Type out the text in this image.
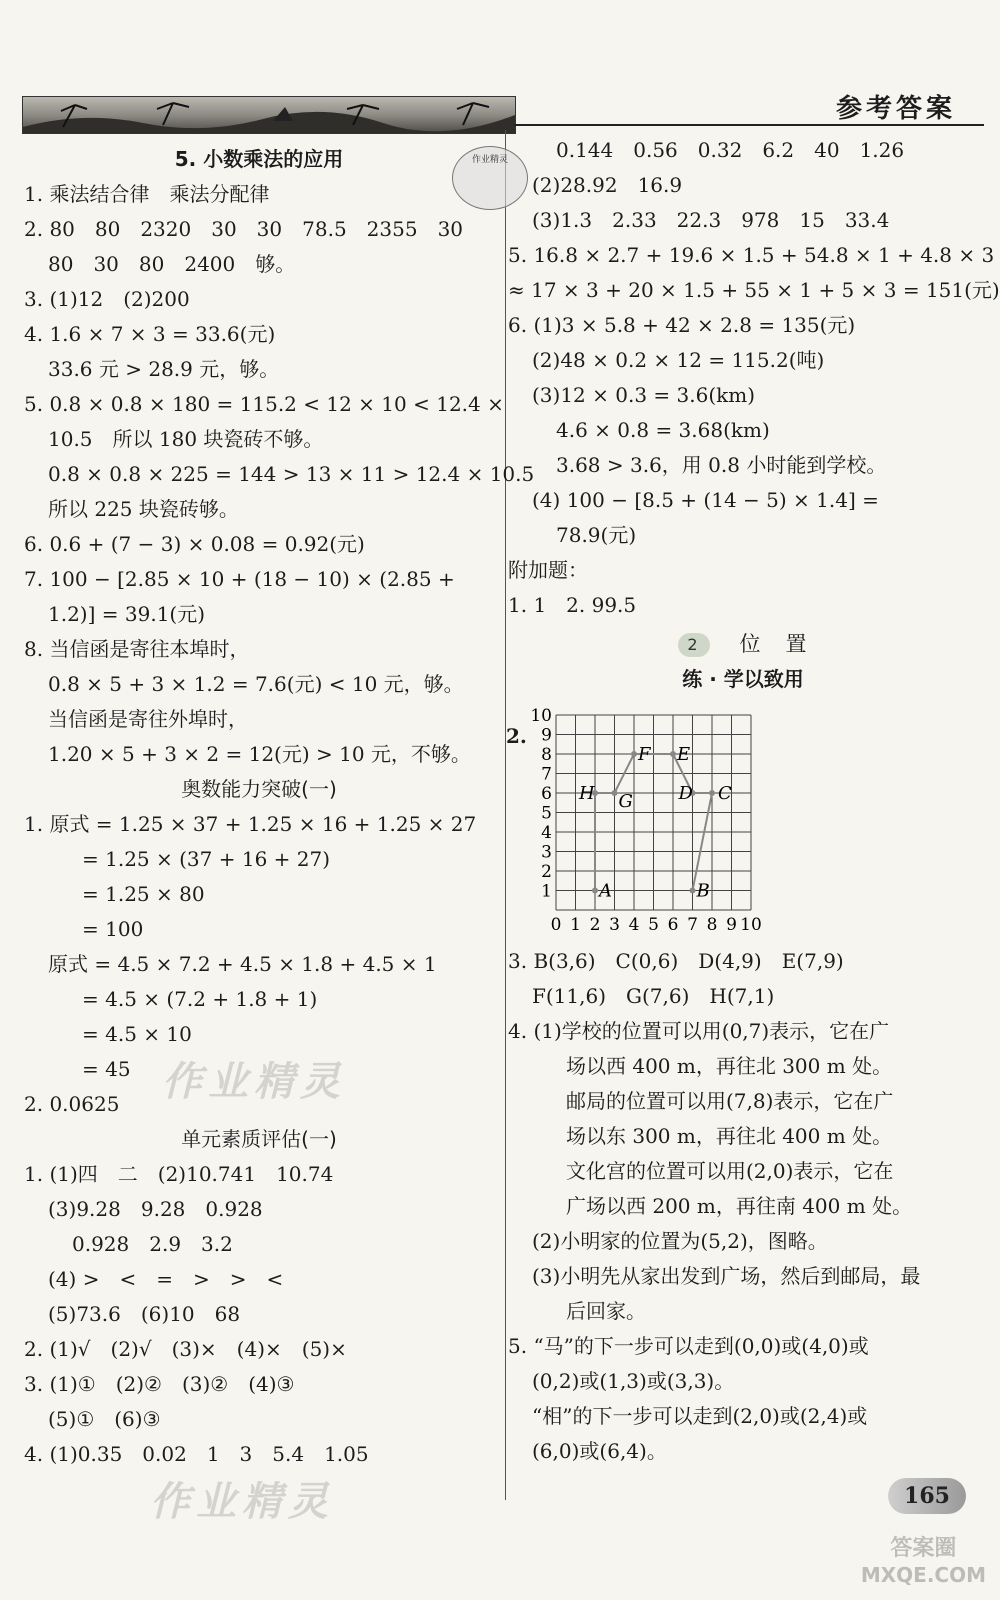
参考答案
作业精灵
5. 小数乘法的应用
1. 乘法结合律　乘法分配律
2. 80　80　2320　30　30　78.5　2355　30
80　30　80　2400　够。
3. (1)12　(2)200
4. 1.6 × 7 × 3 = 33.6(元)
33.6 元 > 28.9 元，够。
5. 0.8 × 0.8 × 180 = 115.2 < 12 × 10 < 12.4 ×
10.5　所以 180 块瓷砖不够。
0.8 × 0.8 × 225 = 144 > 13 × 11 > 12.4 × 10.5
所以 225 块瓷砖够。
6. 0.6 + (7 − 3) × 0.08 = 0.92(元)
7. 100 − [2.85 × 10 + (18 − 10) × (2.85 +
1.2)] = 39.1(元)
8. 当信函是寄往本埠时，
0.8 × 5 + 3 × 1.2 = 7.6(元) < 10 元，够。
当信函是寄往外埠时，
1.20 × 5 + 3 × 2 = 12(元) > 10 元，不够。
奥数能力突破(一)
1. 原式 = 1.25 × 37 + 1.25 × 16 + 1.25 × 27
= 1.25 × (37 + 16 + 27)
= 1.25 × 80
= 100
原式 = 4.5 × 7.2 + 4.5 × 1.8 + 4.5 × 1
= 4.5 × (7.2 + 1.8 + 1)
= 4.5 × 10
= 45
2. 0.0625
单元素质评估(一)
1. (1)四　二　(2)10.741　10.74
(3)9.28　9.28　0.928
0.928　2.9　3.2
(4) >　<　=　>　>　<
(5)73.6　(6)10　68
2. (1)√　(2)√　(3)×　(4)×　(5)×
3. (1)①　(2)②　(3)②　(4)③
(5)①　(6)③
4. (1)0.35　0.02　1　3　5.4　1.05
0.144　0.56　0.32　6.2　40　1.26
(2)28.92　16.9
(3)1.3　2.33　22.3　978　15　33.4
5. 16.8 × 2.7 + 19.6 × 1.5 + 54.8 × 1 + 4.8 × 3
≈ 17 × 3 + 20 × 1.5 + 55 × 1 + 5 × 3 = 151(元)
6. (1)3 × 5.8 + 42 × 2.8 = 135(元)
(2)48 × 0.2 × 12 = 115.2(吨)
(3)12 × 0.3 = 3.6(km)
4.6 × 0.8 = 3.68(km)
3.68 > 3.6，用 0.8 小时能到学校。
(4) 100 − [8.5 + (14 − 5) × 1.4] =
78.9(元)
附加题：
1. 1　2. 99.5
2 位　置
练 · 学以致用
2.
0 1 2 3 4 5 6 7 8 9 10
1
2
3
4
5
6
7
8
9
10
A	B
C
D
E
F
G
H
3. B(3,6)　C(0,6)　D(4,9)　E(7,9)
F(11,6)　G(7,6)　H(7,1)
4. (1)学校的位置可以用(0,7)表示，它在广
场以西 400 m，再往北 300 m 处。
邮局的位置可以用(7,8)表示，它在广
场以东 300 m，再往北 400 m 处。
文化宫的位置可以用(2,0)表示，它在
广场以西 200 m，再往南 400 m 处。
(2)小明家的位置为(5,2)，图略。
(3)小明先从家出发到广场，然后到邮局，最
后回家。
5. “马”的下一步可以走到(0,0)或(4,0)或
(0,2)或(1,3)或(3,3)。
“相”的下一步可以走到(2,0)或(2,4)或
(6,0)或(6,4)。
作业精灵
作业精灵	165
答案圈
MXQE.COM
